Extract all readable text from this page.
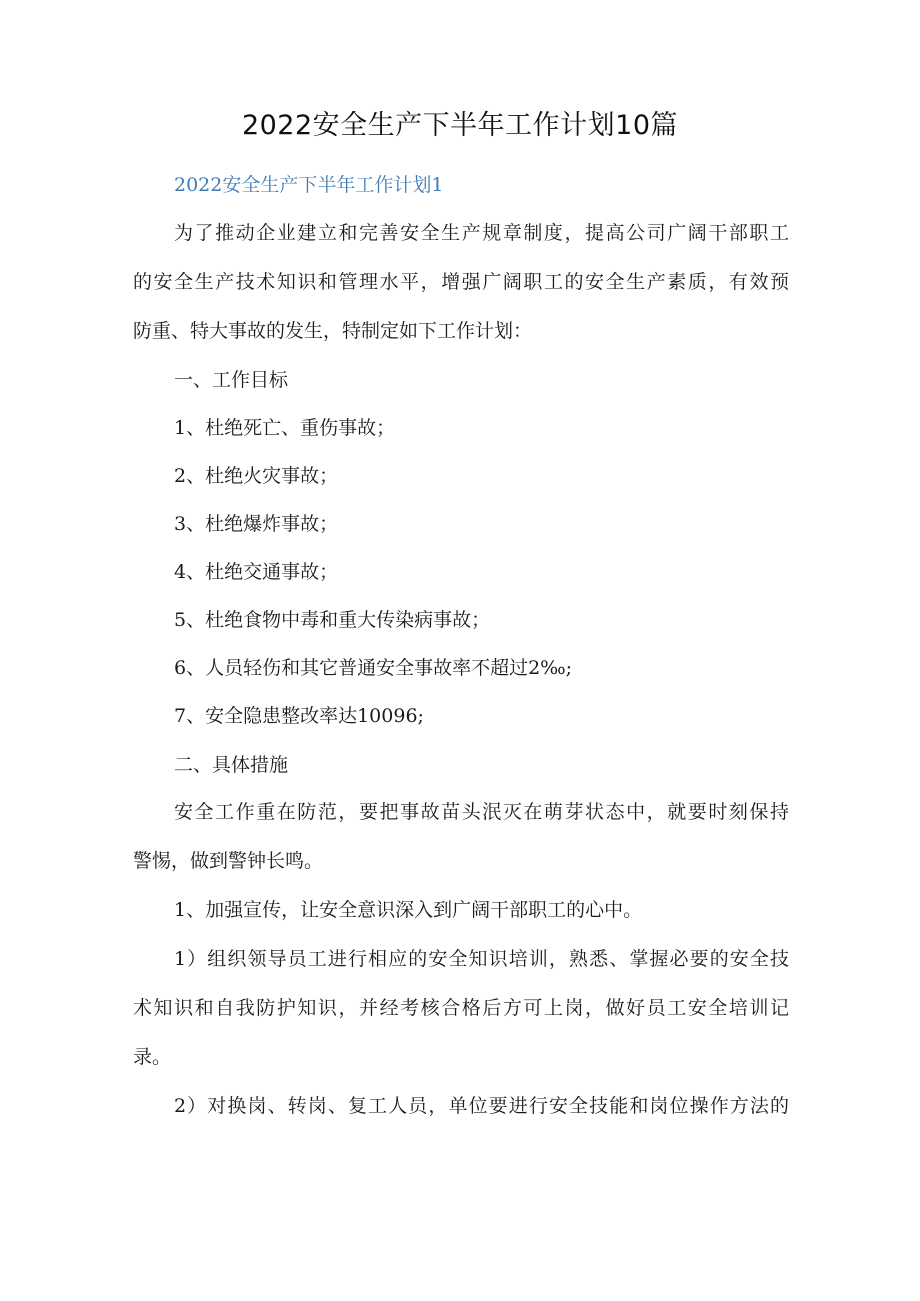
2022安全生产下半年工作计划10篇
2022安全生产下半年工作计划1
为了推动企业建立和完善安全生产规章制度，提高公司广阔干部职工
的安全生产技术知识和管理水平，增强广阔职工的安全生产素质，有效预
防重、特大事故的发生，特制定如下工作计划：
一、工作目标
1、杜绝死亡、重伤事故；
2、杜绝火灾事故；
3、杜绝爆炸事故；
4、杜绝交通事故；
5、杜绝食物中毒和重大传染病事故；
6、人员轻伤和其它普通安全事故率不超过2‰;
7、安全隐患整改率达10096;
二、具体措施
安全工作重在防范，要把事故苗头泯灭在萌芽状态中，就要时刻保持
警惕，做到警钟长鸣。
1、加强宣传，让安全意识深入到广阔干部职工的心中。
1）组织领导员工进行相应的安全知识培训，熟悉、掌握必要的安全技
术知识和自我防护知识，并经考核合格后方可上岗，做好员工安全培训记
录。
2）对换岗、转岗、复工人员，单位要进行安全技能和岗位操作方法的
